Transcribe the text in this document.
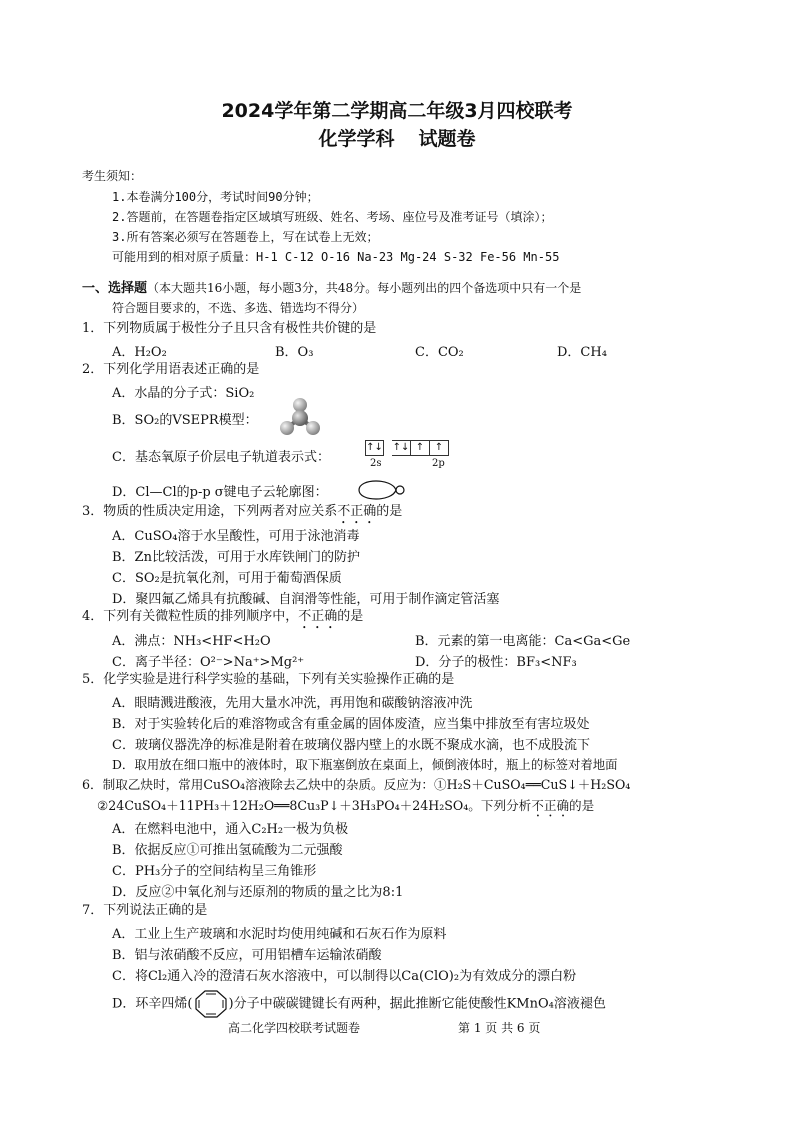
2024学年第二学期高二年级3月四校联考
化学学科 试题卷
考生须知：
1.本卷满分100分，考试时间90分钟；
2.答题前，在答题卷指定区域填写班级、姓名、考场、座位号及准考证号（填涂）；
3.所有答案必须写在答题卷上，写在试卷上无效；
可能用到的相对原子质量：H-1 C-12 O-16 Na-23 Mg-24 S-32 Fe-56 Mn-55
一、选择题（本大题共16小题，每小题3分，共48分。每小题列出的四个备选项中只有一个是
符合题目要求的，不选、多选、错选均不得分）
1．下列物质属于极性分子且只含有极性共价键的是
A．H₂O₂	B．O₃	C．CO₂	D．CH₄
2．下列化学用语表述正确的是
A．水晶的分子式：SiO₂
B．SO₂的VSEPR模型：
C．基态氧原子价层电子轨道表示式：
↑↓ ↑↓ ↑	↑
2s	2p
D．Cl—Cl的p-p σ键电子云轮廓图：
3．物质的性质决定用途，下列两者对应关系不正确的是
A．CuSO₄溶于水呈酸性，可用于泳池消毒
B．Zn比较活泼，可用于水库铁闸门的防护
C．SO₂是抗氧化剂，可用于葡萄酒保质
D．聚四氟乙烯具有抗酸碱、自润滑等性能，可用于制作滴定管活塞
4．下列有关微粒性质的排列顺序中，不正确的是
A．沸点：NH₃<HF<H₂O	B．元素的第一电离能：Ca<Ga<Ge
C．离子半径：O²⁻>Na⁺>Mg²⁺	D．分子的极性：BF₃<NF₃
5．化学实验是进行科学实验的基础，下列有关实验操作正确的是
A．眼睛溅进酸液，先用大量水冲洗，再用饱和碳酸钠溶液冲洗
B．对于实验转化后的难溶物或含有重金属的固体废渣，应当集中排放至有害垃圾处
C．玻璃仪器洗净的标准是附着在玻璃仪器内壁上的水既不聚成水滴，也不成股流下
D．取用放在细口瓶中的液体时，取下瓶塞倒放在桌面上，倾倒液体时，瓶上的标签对着地面
6．制取乙炔时，常用CuSO₄溶液除去乙炔中的杂质。反应为：①H₂S＋CuSO₄══CuS↓＋H₂SO₄
②24CuSO₄＋11PH₃＋12H₂O══8Cu₃P↓＋3H₃PO₄＋24H₂SO₄。下列分析不正确的是
A．在燃料电池中，通入C₂H₂一极为负极
B．依据反应①可推出氢硫酸为二元强酸
C．PH₃分子的空间结构呈三角锥形
D．反应②中氧化剂与还原剂的物质的量之比为8:1
7．下列说法正确的是
A．工业上生产玻璃和水泥时均使用纯碱和石灰石作为原料
B．铝与浓硝酸不反应，可用铝槽车运输浓硝酸
C．将Cl₂通入冷的澄清石灰水溶液中，可以制得以Ca(ClO)₂为有效成分的漂白粉
D．环辛四烯(	)分子中碳碳键键长有两种，据此推断它能使酸性KMnO₄溶液褪色
高二化学四校联考试题卷	第 1 页 共 6 页
